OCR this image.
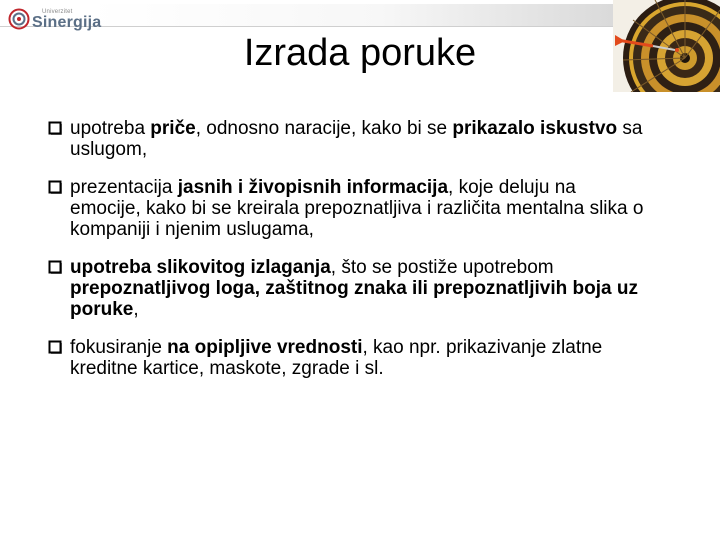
Univerzitet
Sinergija
Izrada poruke
upotreba priče, odnosno naracije, kako bi se prikazalo iskustvo sa uslugom,
prezentacija jasnih i živopisnih informacija, koje deluju na emocije, kako bi se kreirala prepoznatljiva i različita mentalna slika o kompaniji i njenim uslugama,
upotreba slikovitog izlaganja, što se postiže upotrebom prepoznatljivog loga, zaštitnog znaka ili prepoznatljivih boja uz poruke,
fokusiranje na opipljive vrednosti, kao npr. prikazivanje zlatne kreditne kartice, maskote, zgrade i sl.
